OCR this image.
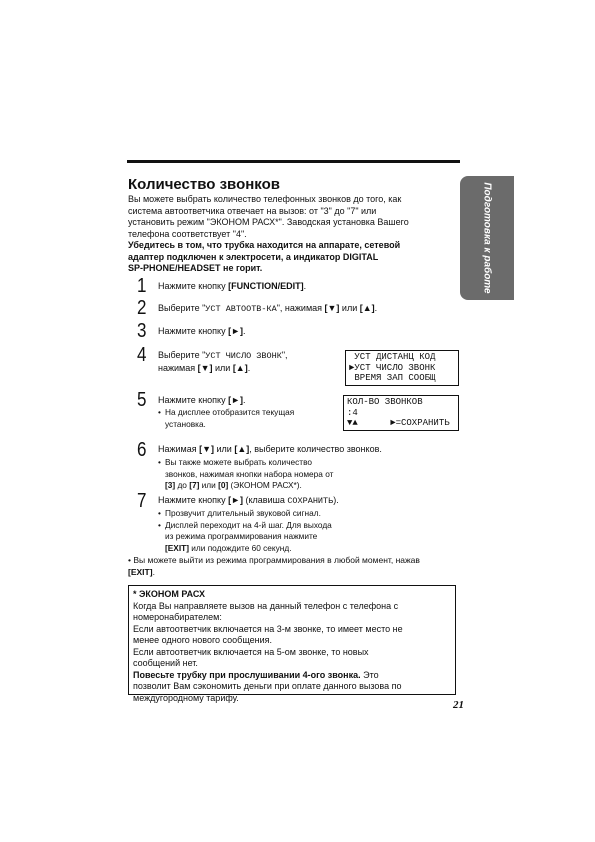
Количество звонков

Вы можете выбрать количество телефонных звонков до того, как

система автоответчика отвечает на вызов: от "3" до "7" или

установить режим "ЭКОНОМ РАСХ*". Заводская установка Вашего

телефона соответствует "4".

Убедитесь в том, что трубка находится на аппарате, сетевой

адаптер подключен к электросети, а индикатор DIGITAL

SP-PHONE/HEADSET не горит.

1 Нажмите кнопку [FUNCTION/EDIT].
2 Выберите "УСТ АВТООТВ-КА", нажимая [▼] или [▲].
3 Нажмите кнопку [►].
4 Выберите "УСТ ЧИСЛО ЗВОНК",
нажимая [▼] или [▲].
УСТ ДИСТАНЦ КОД
►УСТ ЧИСЛО ЗВОНК
ВРЕМЯ ЗАП СООБЩ
5 Нажмите кнопку [►].
• На дисплее отобразится текущая
установка.
КОЛ-ВО ЗВОНКОВ
:4
▼▲      ►=СОХРАНИТЬ
6 Нажимая [▼] или [▲], выберите количество звонков.
• Вы также можете выбрать количество
звонков, нажимая кнопки набора номера от
[3] до [7] или [0] (ЭКОНОМ РАСХ*).
7 Нажмите кнопку [►] (клавиша СОХРАНИТЬ).
• Прозвучит длительный звуковой сигнал.
• Дисплей переходит на 4-й шаг. Для выхода
из режима программирования нажмите
[EXIT] или подождите 60 секунд.
• Вы можете выйти из режима программирования в любой момент, нажав
[EXIT].

* ЭКОНОМ РАСХ

Когда Вы направляете вызов на данный телефон с телефона с

номеронабирателем:

Если автоответчик включается на 3-м звонке, то имеет место не

менее одного нового сообщения.

Если автоответчик включается на 5-ом звонке, то новых

сообщений нет.

Повесьте трубку при прослушивании 4-ого звонка. Это

позволит Вам сэкономить деньги при оплате данного вызова по

междугородному тарифу.

Подготовка к работе
21
